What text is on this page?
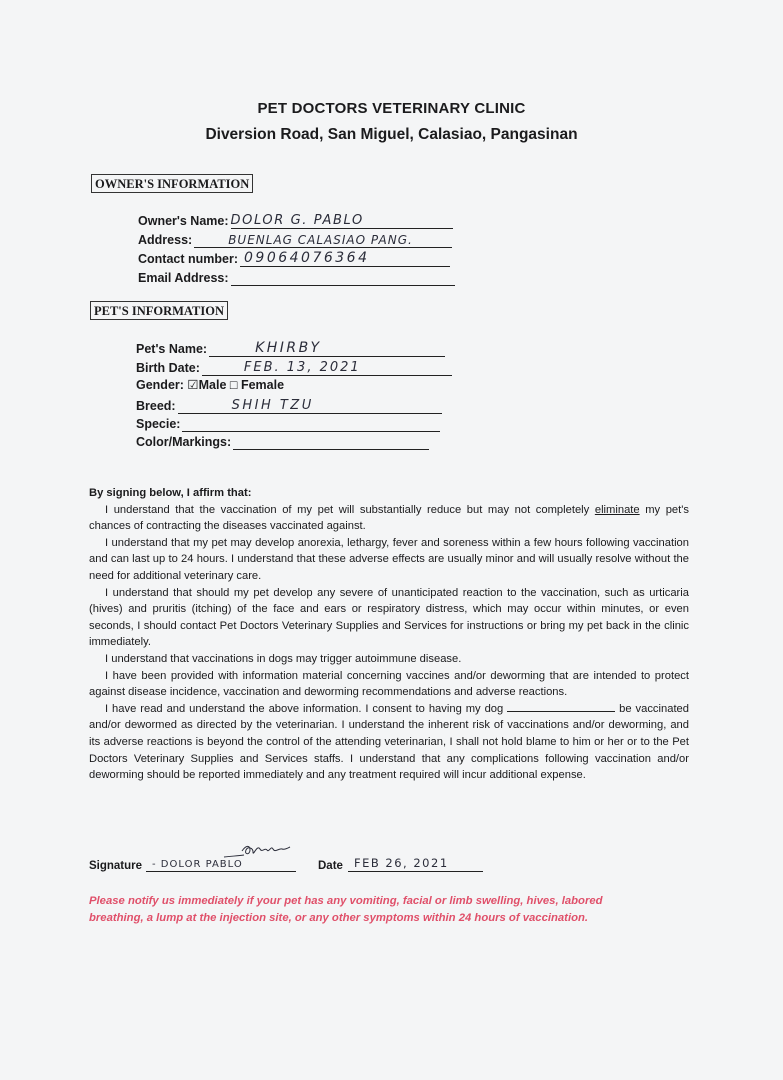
PET DOCTORS VETERINARY CLINIC
Diversion Road, San Miguel, Calasiao, Pangasinan
OWNER'S INFORMATION
Owner's Name: DOLOR G. PABLO
Address:	BUENLAG CALASIAO PANG.
Contact number: 09064076364
Email Address:
PET'S INFORMATION
Pet's Name:	KHIRBY
Birth Date:	FEB. 13, 2021
Gender: ☑Male □ Female
Breed:	SHIH TZU
Specie:
Color/Markings:
By signing below, I affirm that:

I understand that the vaccination of my pet will substantially reduce but may not completely eliminate my pet's chances of contracting the diseases vaccinated against.

I understand that my pet may develop anorexia, lethargy, fever and soreness within a few hours following vaccination and can last up to 24 hours. I understand that these adverse effects are usually minor and will usually resolve without the need for additional veterinary care.

I understand that should my pet develop any severe of unanticipated reaction to the vaccination, such as urticaria (hives) and pruritis (itching) of the face and ears or respiratory distress, which may occur within minutes, or even seconds, I should contact Pet Doctors Veterinary Supplies and Services for instructions or bring my pet back in the clinic immediately.

I understand that vaccinations in dogs may trigger autoimmune disease.

I have been provided with information material concerning vaccines and/or deworming that are intended to protect against disease incidence, vaccination and deworming recommendations and adverse reactions.

I have read and understand the above information. I consent to having my dog	be vaccinated and/or dewormed as directed by the veterinarian. I understand the inherent risk of vaccinations and/or deworming, and its adverse reactions is beyond the control of the attending veterinarian, I shall not hold blame to him or her or to the Pet Doctors Veterinary Supplies and Services staffs. I understand that any complications following vaccination and/or deworming should be reported immediately and any treatment required will incur additional expense.

Signature - DOLOR PABLO	Date FEB 26, 2021
Please notify us immediately if your pet has any vomiting, facial or limb swelling, hives, labored breathing, a lump at the injection site, or any other symptoms within 24 hours of vaccination.
